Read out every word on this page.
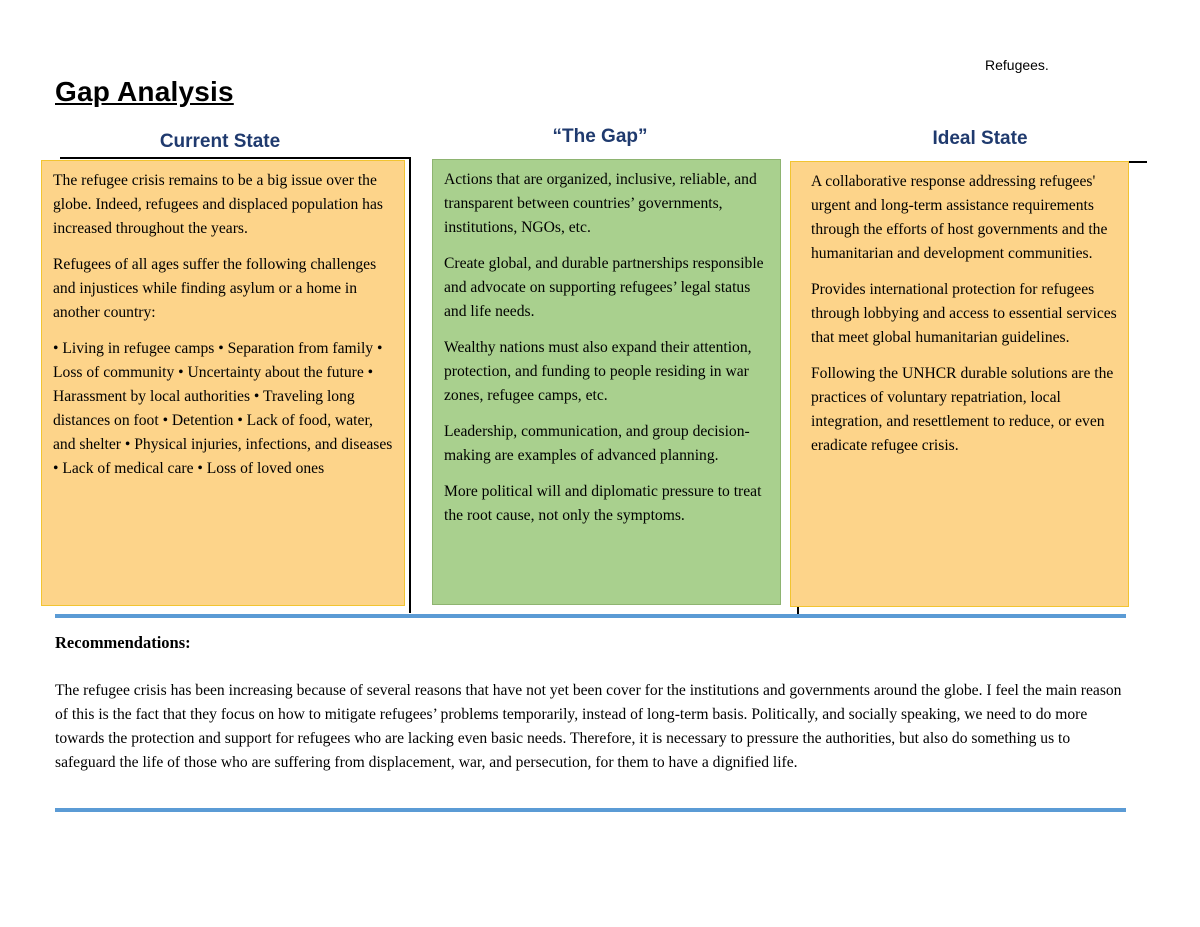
Refugees.
Gap Analysis
Current State	“The Gap”	Ideal State

The refugee crisis remains to be a big issue over the globe. Indeed, refugees and displaced population has increased throughout the years.

Refugees of all ages suffer the following challenges and injustices while finding asylum or a home in another country:

• Living in refugee camps • Separation from family • Loss of community • Uncertainty about the future • Harassment by local authorities • Traveling long distances on foot • Detention • Lack of food, water, and shelter • Physical injuries, infections, and diseases • Lack of medical care • Loss of loved ones

Actions that are organized, inclusive, reliable, and transparent between countries’ governments, institutions, NGOs, etc.

Create global, and durable partnerships responsible and advocate on supporting refugees’ legal status and life needs.

Wealthy nations must also expand their attention, protection, and funding to people residing in war zones, refugee camps, etc.

Leadership, communication, and group decision-making are examples of advanced planning.

More political will and diplomatic pressure to treat the root cause, not only the symptoms.

A collaborative response addressing refugees' urgent and long-term assistance requirements through the efforts of host governments and the humanitarian and development communities.

Provides international protection for refugees through lobbying and access to essential services that meet global humanitarian guidelines.

Following the UNHCR durable solutions are the practices of voluntary repatriation, local integration, and resettlement to reduce, or even eradicate refugee crisis.

Recommendations:
The refugee crisis has been increasing because of several reasons that have not yet been cover for the institutions and governments around the globe. I feel the main reason of this is the fact that they focus on how to mitigate refugees’ problems temporarily, instead of long-term basis. Politically, and socially speaking, we need to do more towards the protection and support for refugees who are lacking even basic needs. Therefore, it is necessary to pressure the authorities, but also do something us to safeguard the life of those who are suffering from displacement, war, and persecution, for them to have a dignified life.
